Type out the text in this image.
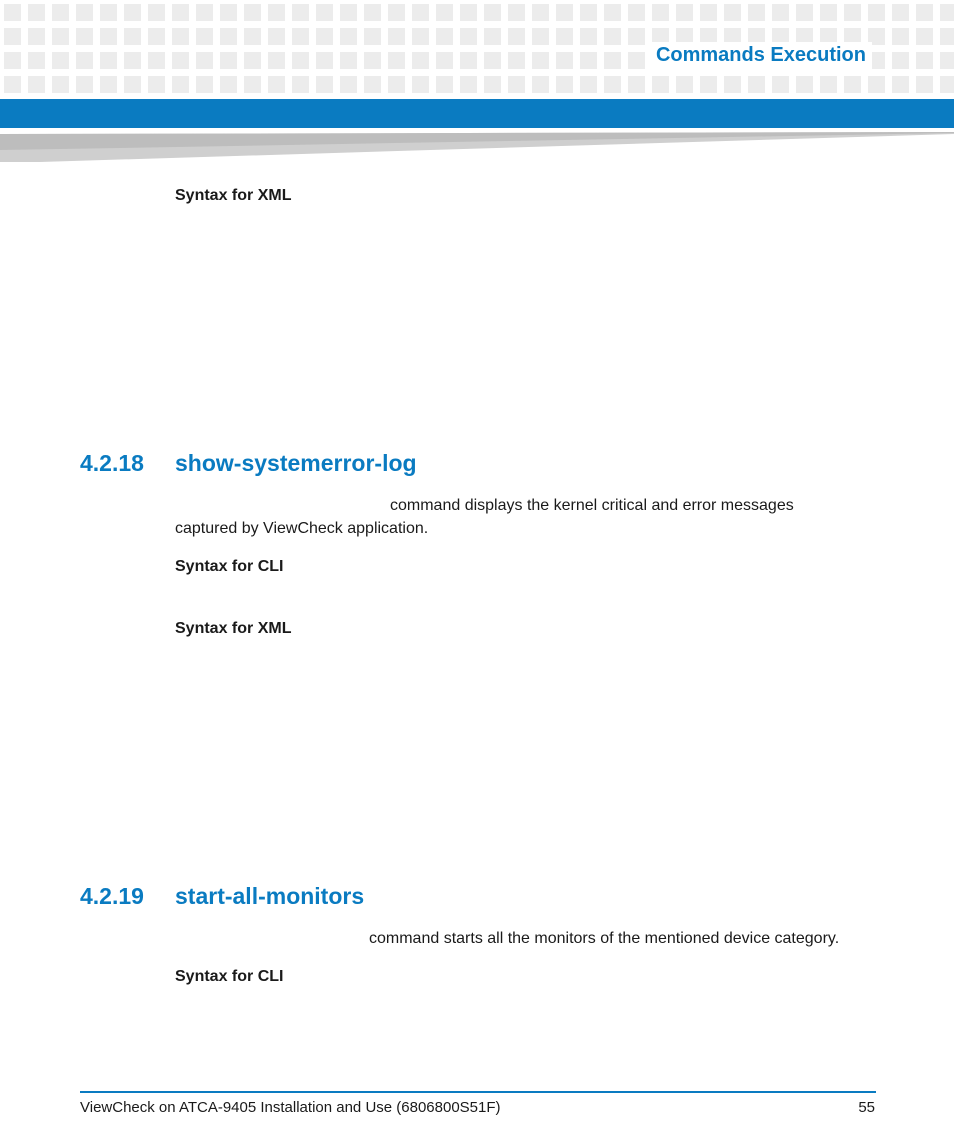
Commands Execution
Syntax for XML
4.2.18 show-systemerror-log
command displays the kernel critical and error messages
captured by ViewCheck application.
Syntax for CLI
Syntax for XML
4.2.19 start-all-monitors
command starts all the monitors of the mentioned device category.
Syntax for CLI
ViewCheck on ATCA-9405 Installation and Use (6806800S51F)	55
